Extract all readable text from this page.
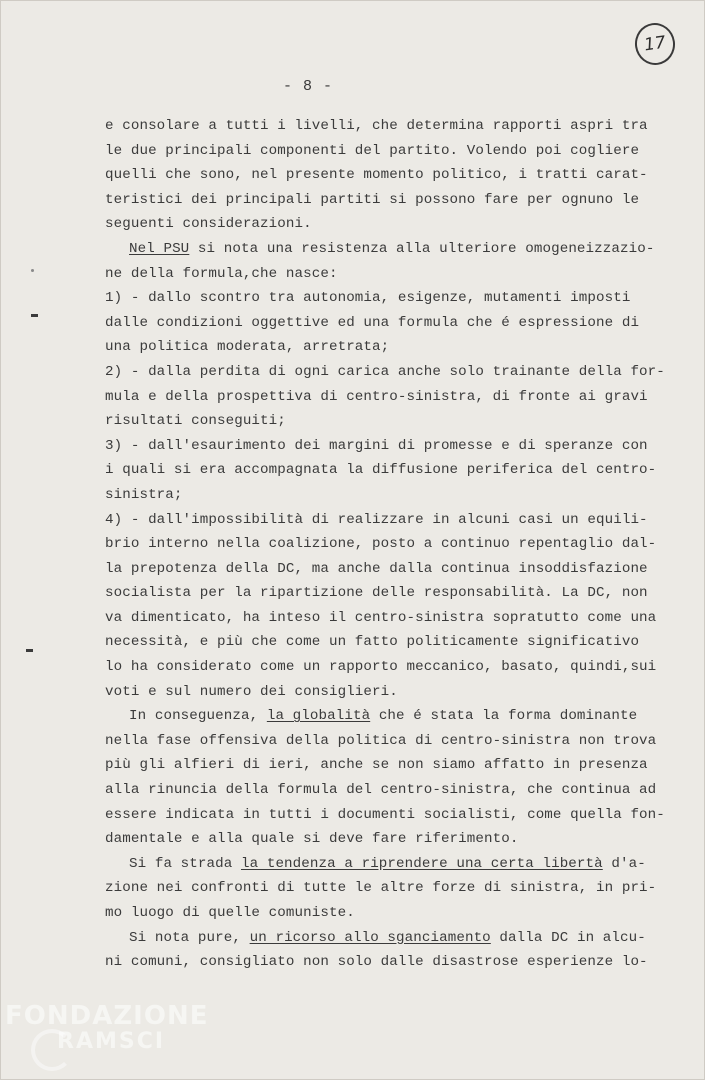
17
- 8 -
e consolare a tutti i livelli, che determina rapporti aspri tra
le due principali componenti del partito. Volendo poi cogliere
quelli che sono, nel presente momento politico, i tratti carat-
teristici dei principali partiti si possono fare per ognuno le
seguenti considerazioni.
Nel PSU si nota una resistenza alla ulteriore omogeneizzazio-
ne della formula,che nasce:
1) - dallo scontro tra autonomia, esigenze, mutamenti imposti
dalle condizioni oggettive ed una formula che é espressione di
una politica moderata, arretrata;
2) - dalla perdita di ogni carica anche solo trainante della for-
mula e della prospettiva di centro-sinistra, di fronte ai gravi
risultati conseguiti;
3) - dall'esaurimento dei margini di promesse e di speranze con
i quali si era accompagnata la diffusione periferica del centro-
sinistra;
4) - dall'impossibilità di realizzare in alcuni casi un equili-
brio interno nella coalizione, posto a continuo repentaglio dal-
la prepotenza della DC, ma anche dalla continua insoddisfazione
socialista per la ripartizione delle responsabilità. La DC, non
va dimenticato, ha inteso il centro-sinistra sopratutto come una
necessità, e più che come un fatto politicamente significativo
lo ha considerato come un rapporto meccanico, basato, quindi,sui
voti e sul numero dei consiglieri.
In conseguenza, la globalità che é stata la forma dominante
nella fase offensiva della politica di centro-sinistra non trova
più gli alfieri di ieri, anche se non siamo affatto in presenza
alla rinuncia della formula del centro-sinistra, che continua ad
essere indicata in tutti i documenti socialisti, come quella fon-
damentale e alla quale si deve fare riferimento.
Si fa strada la tendenza a riprendere una certa libertà d'a-
zione nei confronti di tutte le altre forze di sinistra, in pri-
mo luogo di quelle comuniste.
Si nota pure, un ricorso allo sganciamento dalla DC in alcu-
ni comuni, consigliato non solo dalle disastrose esperienze lo-
FONDAZIONE
RAMSCI
